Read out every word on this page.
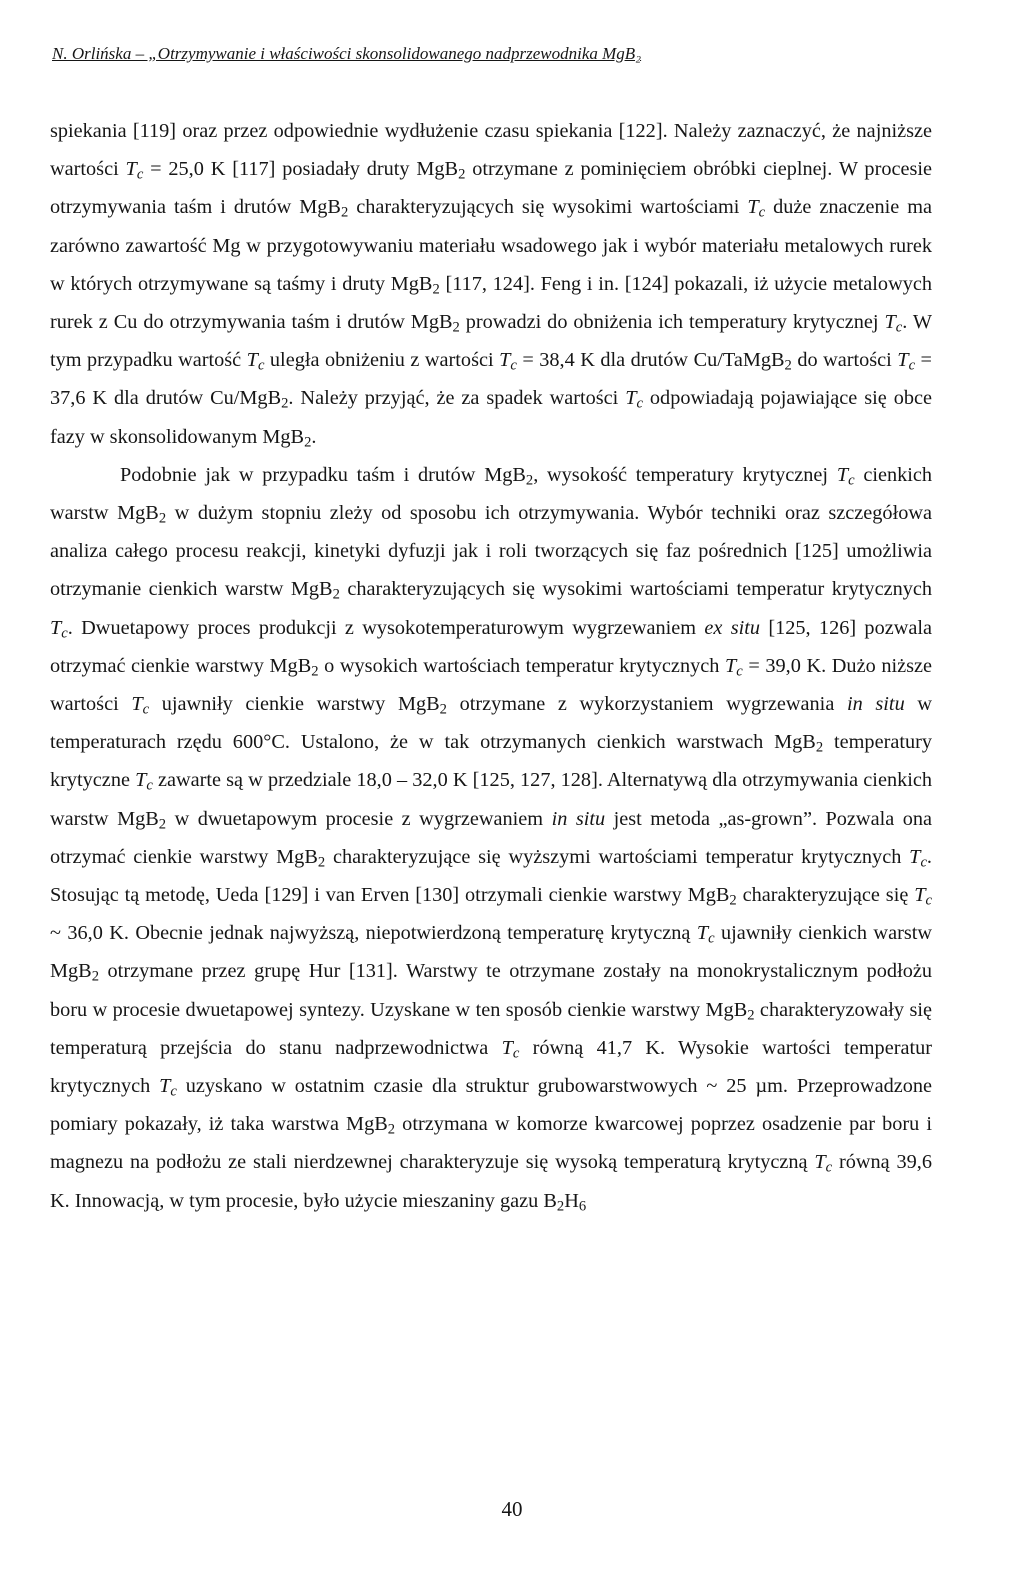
N. Orlińska – „Otrzymywanie i właściwości skonsolidowanego nadprzewodnika MgB₂

spiekania [119] oraz przez odpowiednie wydłużenie czasu spiekania [122]. Należy zaznaczyć, że najniższe wartości $T_c = 25,0$ K [117] posiadały druty MgB$_2$ otrzymane z pominięciem obróbki cieplnej. W procesie otrzymywania taśm i drutów MgB$_2$ charakteryzujących się wysokimi wartościami $T_c$ duże znaczenie ma zarówno zawartość Mg w przygotowywaniu materiału wsadowego jak i wybór materiału metalowych rurek w których otrzymywane są taśmy i druty MgB$_2$ [117, 124]. Feng i in. [124] pokazali, iż użycie metalowych rurek z Cu do otrzymywania taśm i drutów MgB$_2$ prowadzi do obniżenia ich temperatury krytycznej $T_c$. W tym przypadku wartość $T_c$ uległa obniżeniu z wartości $T_c = 38,4$ K dla drutów Cu/TaMgB$_2$ do wartości $T_c = 37,6$ K dla drutów Cu/MgB$_2$. Należy przyjąć, że za spadek wartości $T_c$ odpowiadają pojawiające się obce fazy w skonsolidowanym MgB$_2$.

Podobnie jak w przypadku taśm i drutów MgB$_2$, wysokość temperatury krytycznej $T_c$ cienkich warstw MgB$_2$ w dużym stopniu zleży od sposobu ich otrzymywania. Wybór techniki oraz szczegółowa analiza całego procesu reakcji, kinetyki dyfuzji jak i roli tworzących się faz pośrednich [125] umożliwia otrzymanie cienkich warstw MgB$_2$ charakteryzujących się wysokimi wartościami temperatur krytycznych $T_c$. Dwuetapowy proces produkcji z wysokotemperaturowym wygrzewaniem ex situ [125, 126] pozwala otrzymać cienkie warstwy MgB$_2$ o wysokich wartościach temperatur krytycznych $T_c = 39,0$ K. Dużo niższe wartości $T_c$ ujawniły cienkie warstwy MgB$_2$ otrzymane z wykorzystaniem wygrzewania in situ w temperaturach rzędu 600°C. Ustalono, że w tak otrzymanych cienkich warstwach MgB$_2$ temperatury krytyczne $T_c$ zawarte są w przedziale 18,0 – 32,0 K [125, 127, 128]. Alternatywą dla otrzymywania cienkich warstw MgB$_2$ w dwuetapowym procesie z wygrzewaniem in situ jest metoda „as-grown”. Pozwala ona otrzymać cienkie warstwy MgB$_2$ charakteryzujące się wyższymi wartościami temperatur krytycznych $T_c$. Stosując tą metodę, Ueda [129] i van Erven [130] otrzymali cienkie warstwy MgB$_2$ charakteryzujące się $T_c$ ~ 36,0 K. Obecnie jednak najwyższą, niepotwierdzoną temperaturę krytyczną $T_c$ ujawniły cienkich warstw MgB$_2$ otrzymane przez grupę Hur [131]. Warstwy te otrzymane zostały na monokrystalicznym podłożu boru w procesie dwuetapowej syntezy. Uzyskane w ten sposób cienkie warstwy MgB$_2$ charakteryzowały się temperaturą przejścia do stanu nadprzewodnictwa $T_c$ równą 41,7 K. Wysokie wartości temperatur krytycznych $T_c$ uzyskano w ostatnim czasie dla struktur grubowarstwowych ~ 25 µm. Przeprowadzone pomiary pokazały, iż taka warstwa MgB$_2$ otrzymana w komorze kwarcowej poprzez osadzenie par boru i magnezu na podłożu ze stali nierdzewnej charakteryzuje się wysoką temperaturą krytyczną $T_c$ równą 39,6 K. Innowacją, w tym procesie, było użycie mieszaniny gazu $B_2H_6$

40
